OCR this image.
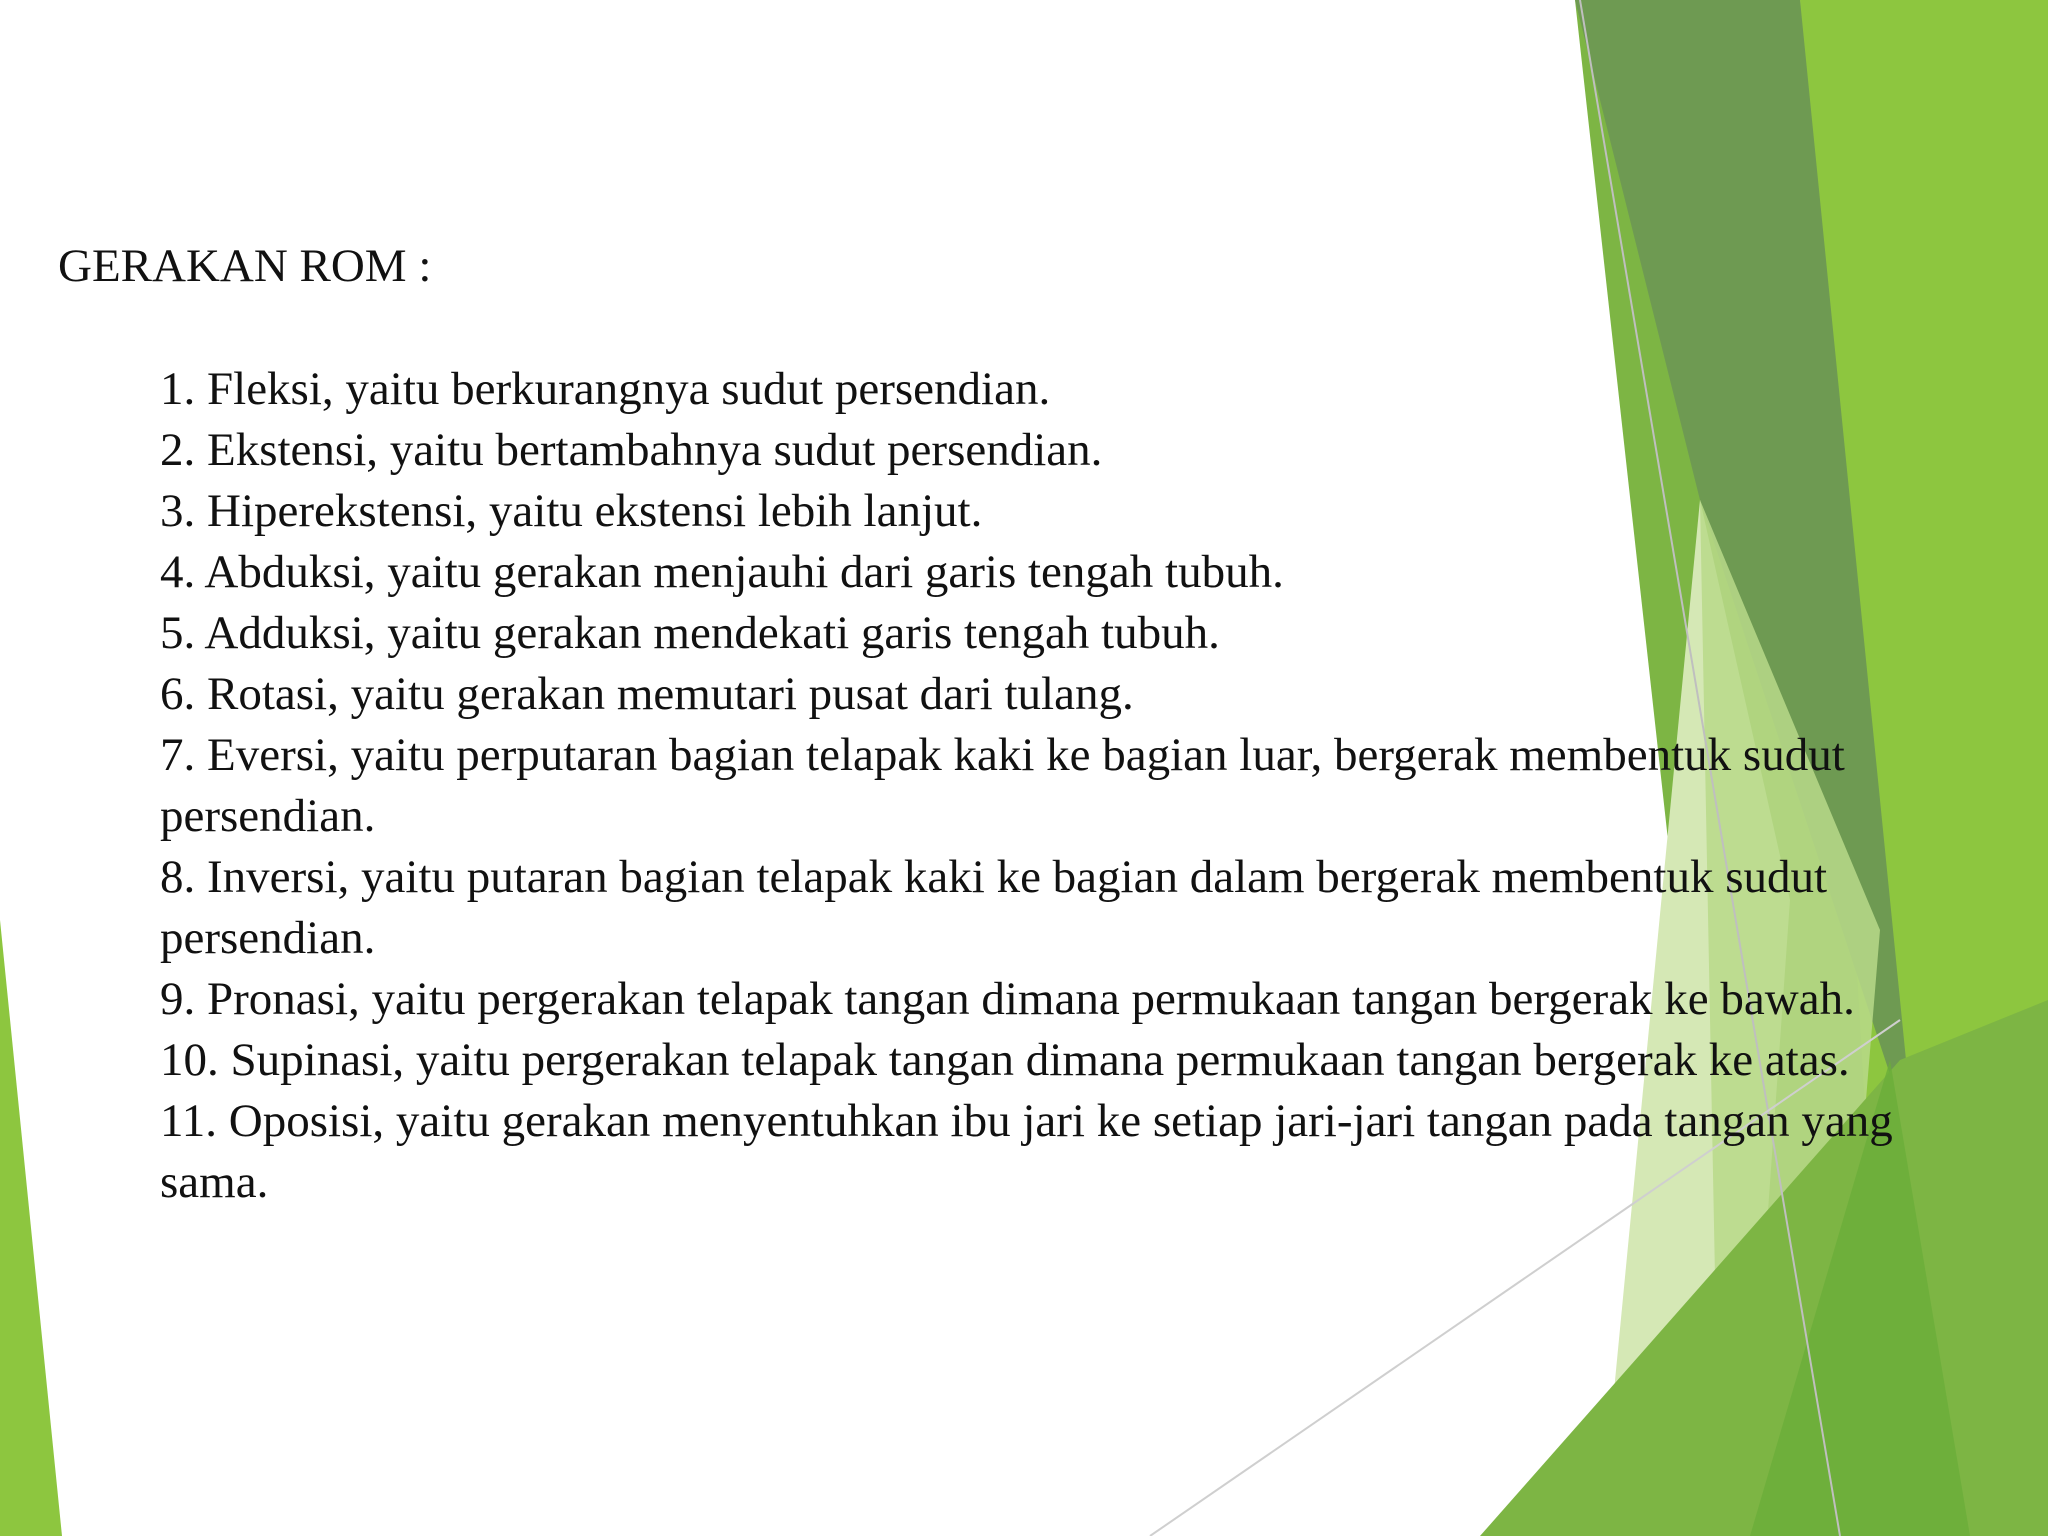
GERAKAN ROM :
1. Fleksi, yaitu berkurangnya sudut persendian.
2. Ekstensi, yaitu bertambahnya sudut persendian.
3. Hiperekstensi, yaitu ekstensi lebih lanjut.
4. Abduksi, yaitu gerakan menjauhi dari garis tengah tubuh.
5. Adduksi, yaitu gerakan mendekati garis tengah tubuh.
6. Rotasi, yaitu gerakan memutari pusat dari tulang.
7. Eversi, yaitu perputaran bagian telapak kaki ke bagian luar, bergerak membentuk sudut persendian.
8. Inversi, yaitu putaran bagian telapak kaki ke bagian dalam bergerak membentuk sudut persendian.
9. Pronasi, yaitu pergerakan telapak tangan dimana permukaan tangan bergerak ke bawah.
10. Supinasi, yaitu pergerakan telapak tangan dimana permukaan tangan bergerak ke atas.
11. Oposisi, yaitu gerakan menyentuhkan ibu jari ke setiap jari-jari tangan pada tangan yang sama.
